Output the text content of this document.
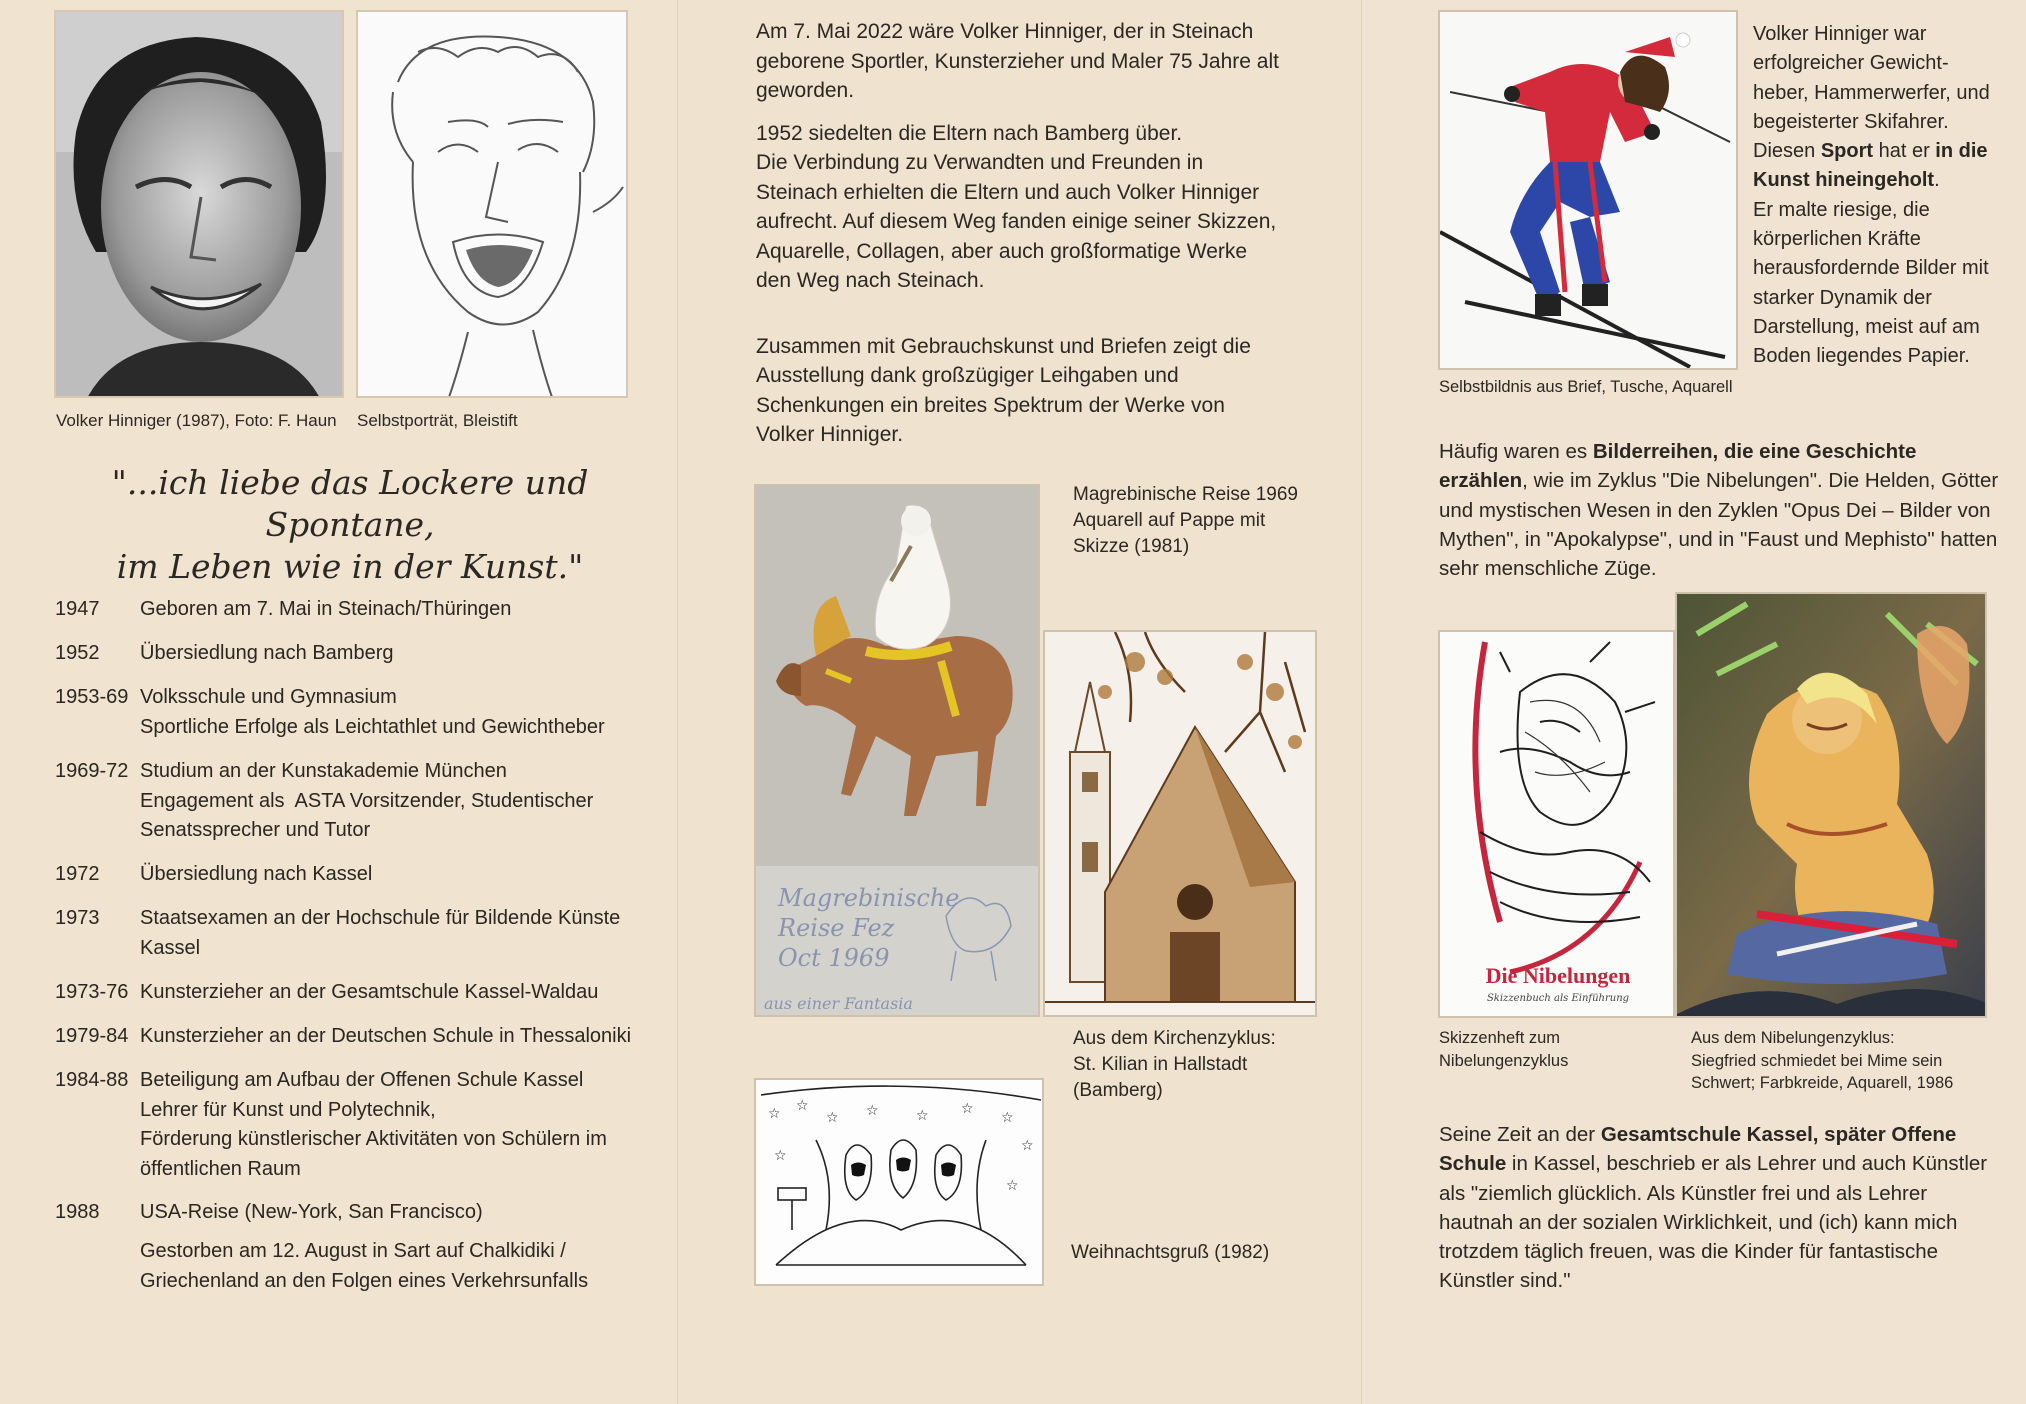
Volker Hinniger (1987), Foto: F. Haun Selbstporträt, Bleistift
"...ich liebe das Lockere und Spontane,
im Leben wie in der Kunst."
1947	Geboren am 7. Mai in Steinach/Thüringen
1952	Übersiedlung nach Bamberg
1953-69 Volksschule und Gymnasium
Sportliche Erfolge als Leichtathlet und Gewichtheber
1969-72 Studium an der Kunstakademie München
Engagement als  ASTA Vorsitzender, Studentischer
Senatssprecher und Tutor
1972	Übersiedlung nach Kassel
1973	Staatsexamen an der Hochschule für Bildende Künste
Kassel
1973-76 Kunsterzieher an der Gesamtschule Kassel-Waldau
1979-84 Kunsterzieher an der Deutschen Schule in Thessaloniki
1984-88 Beteiligung am Aufbau der Offenen Schule Kassel
Lehrer für Kunst und Polytechnik,
Förderung künstlerischer Aktivitäten von Schülern im
öffentlichen Raum
1988	USA-Reise (New-York, San Francisco)
Gestorben am 12. August in Sart auf Chalkidiki /
Griechenland an den Folgen eines Verkehrsunfalls

Am 7. Mai 2022 wäre Volker Hinniger, der in Steinach geborene Sportler, Kunsterzieher und Maler 75 Jahre alt geworden.

1952 siedelten die Eltern nach Bamberg über.
Die Verbindung zu Verwandten und Freunden in Steinach erhielten die Eltern und auch Volker Hinniger aufrecht. Auf diesem Weg fanden einige seiner Skizzen, Aquarelle, Collagen, aber auch großformatige Werke den Weg nach Steinach.

Zusammen mit Gebrauchskunst und Briefen zeigt die Ausstellung dank großzügiger Leihgaben und Schenkungen ein breites Spektrum der Werke von Volker Hinniger.

Magrebinische
Reise Fez
Oct 1969
aus einer Fantasia
Magrebinische Reise 1969
Aquarell auf Pappe mit
Skizze (1981)
Aus dem Kirchenzyklus:
St. Kilian in Hallstadt
(Bamberg)
☆ ☆
☆ ☆	☆ ☆
☆
☆
☆
☆
Weihnachtsgruß (1982)
Selbstbildnis aus Brief, Tusche, Aquarell
Volker Hinniger war erfolgreicher Gewicht-heber, Hammerwerfer, und begeisterter Skifahrer. Diesen Sport hat er in die Kunst hineingeholt.
Er malte riesige, die körperlichen Kräfte herausfordernde Bilder mit starker Dynamik der Darstellung, meist auf am Boden liegendes Papier.
Häufig waren es Bilderreihen, die eine Geschichte erzählen, wie im Zyklus "Die Nibelungen". Die Helden, Götter und mystischen Wesen in den Zyklen "Opus Dei – Bilder von Mythen", in "Apokalypse", und in "Faust und Mephisto" hatten sehr menschliche Züge.
Die Nibelungen
Skizzenbuch als Einführung
Skizzenheft zum
Nibelungenzyklus
Aus dem Nibelungenzyklus:
Siegfried schmiedet bei Mime sein
Schwert; Farbkreide, Aquarell, 1986
Seine Zeit an der Gesamtschule Kassel, später Offene Schule in Kassel, beschrieb er als Lehrer und auch Künstler als "ziemlich glücklich. Als Künstler frei und als Lehrer hautnah an der sozialen Wirklichkeit, und (ich) kann mich trotzdem täglich freuen, was die Kinder für fantastische Künstler sind."
